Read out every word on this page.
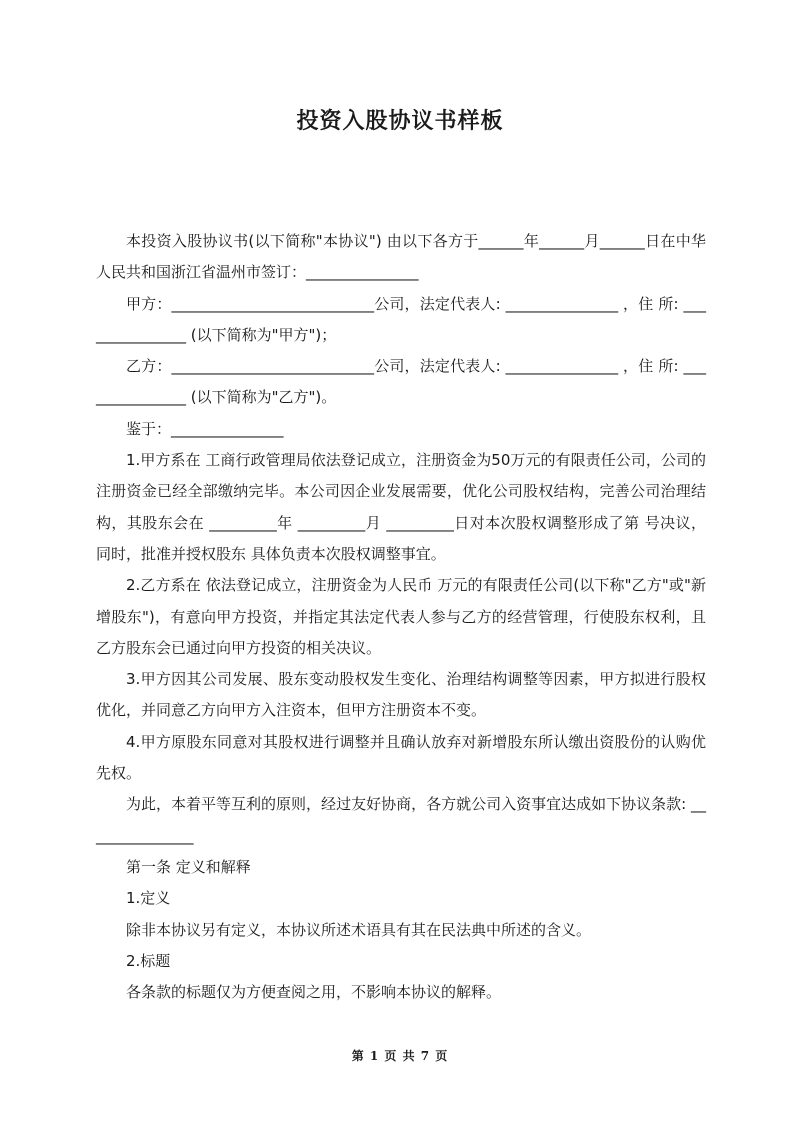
投资入股协议书样板

本投资入股协议书(以下简称"本协议") 由以下各方于______年______月______日在中华人民共和国浙江省温州市签订：_______________

甲方：___________________________公司，法定代表人: _______________ ，住 所: _______________ (以下简称为"甲方")；

乙方：___________________________公司，法定代表人: _______________ ，住 所: _______________ (以下简称为"乙方")。

鉴于：_______________

1.甲方系在 工商行政管理局依法登记成立，注册资金为50万元的有限责任公司，公司的注册资金已经全部缴纳完毕。本公司因企业发展需要，优化公司股权结构，完善公司治理结构，其股东会在 _________年 _________月 _________日对本次股权调整形成了第 号决议，同时，批准并授权股东 具体负责本次股权调整事宜。

2.乙方系在 依法登记成立，注册资金为人民币 万元的有限责任公司(以下称"乙方"或"新增股东")，有意向甲方投资，并指定其法定代表人参与乙方的经营管理，行使股东权利，且乙方股东会已通过向甲方投资的相关决议。

3.甲方因其公司发展、股东变动股权发生变化、治理结构调整等因素，甲方拟进行股权优化，并同意乙方向甲方入注资本，但甲方注册资本不变。

4.甲方原股东同意对其股权进行调整并且确认放弃对新增股东所认缴出资股份的认购优先权。

为此，本着平等互利的原则，经过友好协商，各方就公司入资事宜达成如下协议条款: _______________

第一条 定义和解释

1.定义

除非本协议另有定义，本协议所述术语具有其在民法典中所述的含义。

2.标题

各条款的标题仅为方便查阅之用，不影响本协议的解释。

第 1 页 共 7 页
